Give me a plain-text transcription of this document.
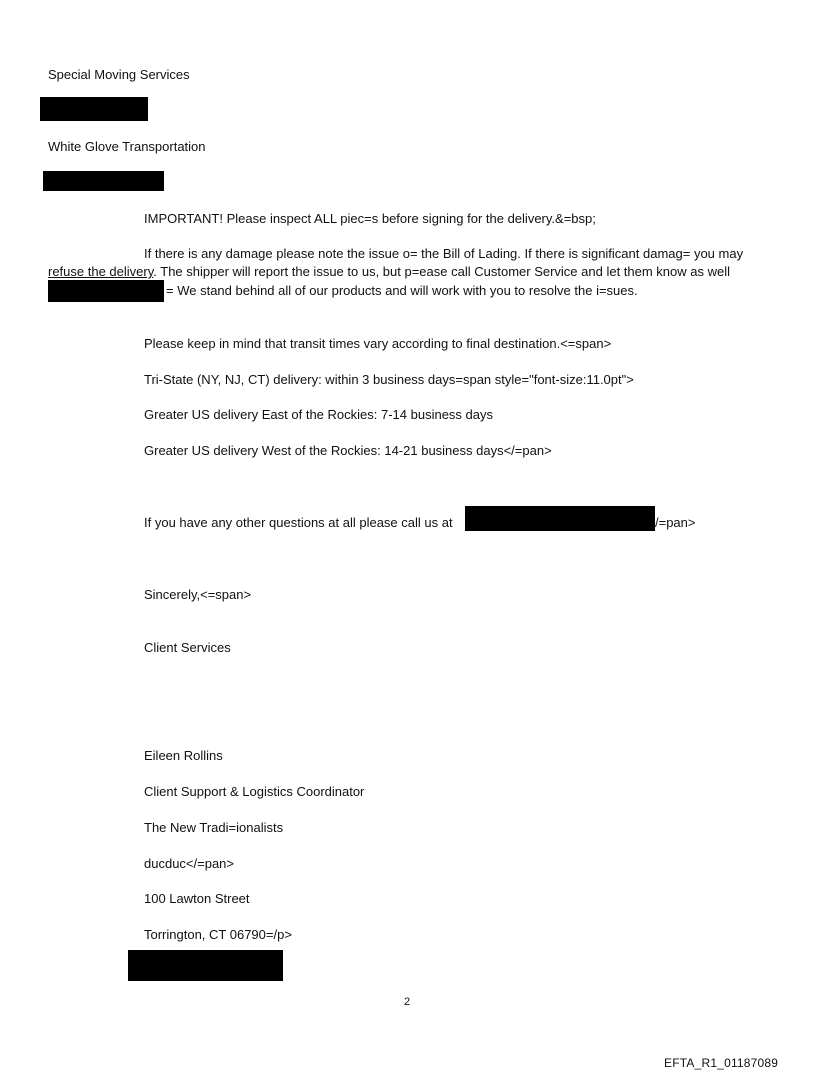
Special Moving Services
White Glove Transportation
IMPORTANT! Please inspect ALL piec=s before signing for the delivery.&=bsp;
If there is any damage please note the issue o= the Bill of Lading. If there is significant damag= you may
refuse the delivery. The shipper will report the issue to us, but p=ease call Customer Service and let them know as well
= We stand behind all of our products and will work with you to resolve the i=sues.
Please keep in mind that transit times vary according to final destination.<=span>
Tri-State (NY, NJ, CT) delivery: within 3 business days=span style="font-size:11.0pt">
Greater US delivery East of the Rockies: 7-14 business days
Greater US delivery West of the Rockies: 14-21 business days</=pan>
If you have any other questions at all please call us at	/=pan>
Sincerely,<=span>
Client Services
Eileen Rollins
Client Support & Logistics Coordinator
The New Tradi=ionalists
ducduc</=pan>
100 Lawton Street
Torrington, CT 06790=/p>
2
EFTA_R1_01187089
